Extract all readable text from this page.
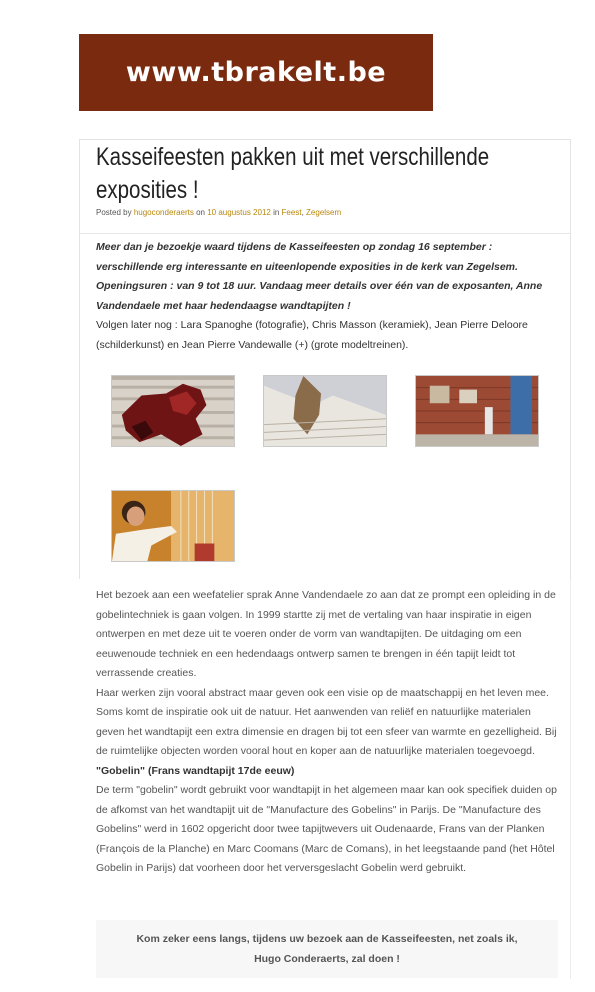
www.tbrakelt.be
Kasseifeesten pakken uit met verschillende exposities !
Posted by hugoconderaerts on 10 augustus 2012 in Feest, Zegelsem

Meer dan je bezoekje waard tijdens de Kasseifeesten op zondag 16 september : verschillende erg interessante en uiteenlopende exposities in de kerk van Zegelsem. Openingsuren : van 9 tot 18 uur. Vandaag meer details over één van de exposanten, Anne Vandendaele met haar hedendaagse wandtapijten !
Volgen later nog : Lara Spanoghe (fotografie), Chris Masson (keramiek), Jean Pierre Deloore (schilderkunst) en Jean Pierre Vandewalle (+) (grote modeltreinen).

Het bezoek aan een weefatelier sprak Anne Vandendaele zo aan dat ze prompt een opleiding in de gobelintechniek is gaan volgen. In 1999 startte zij met de vertaling van haar inspiratie in eigen ontwerpen en met deze uit te voeren onder de vorm van wandtapijten. De uitdaging om een eeuwenoude techniek en een hedendaags ontwerp samen te brengen in één tapijt leidt tot verrassende creaties.

Haar werken zijn vooral abstract maar geven ook een visie op de maatschappij en het leven mee. Soms komt de inspiratie ook uit de natuur. Het aanwenden van reliëf en natuurlijke materialen geven het wandtapijt een extra dimensie en dragen bij tot een sfeer van warmte en gezelligheid. Bij de ruimtelijke objecten worden vooral hout en koper aan de natuurlijke materialen toegevoegd.

"Gobelin" (Frans wandtapijt 17de eeuw)

De term "gobelin" wordt gebruikt voor wandtapijt in het algemeen maar kan ook specifiek duiden op de afkomst van het wandtapijt uit de "Manufacture des Gobelins" in Parijs. De "Manufacture des Gobelins" werd in 1602 opgericht door twee tapijtwevers uit Oudenaarde, Frans van der Planken (François de la Planche) en Marc Coomans (Marc de Comans), in het leegstaande pand (het Hôtel Gobelin in Parijs) dat voorheen door het verversgeslacht Gobelin werd gebruikt.

Kom zeker eens langs, tijdens uw bezoek aan de Kasseifeesten, net zoals ik, Hugo Conderaerts, zal doen !
